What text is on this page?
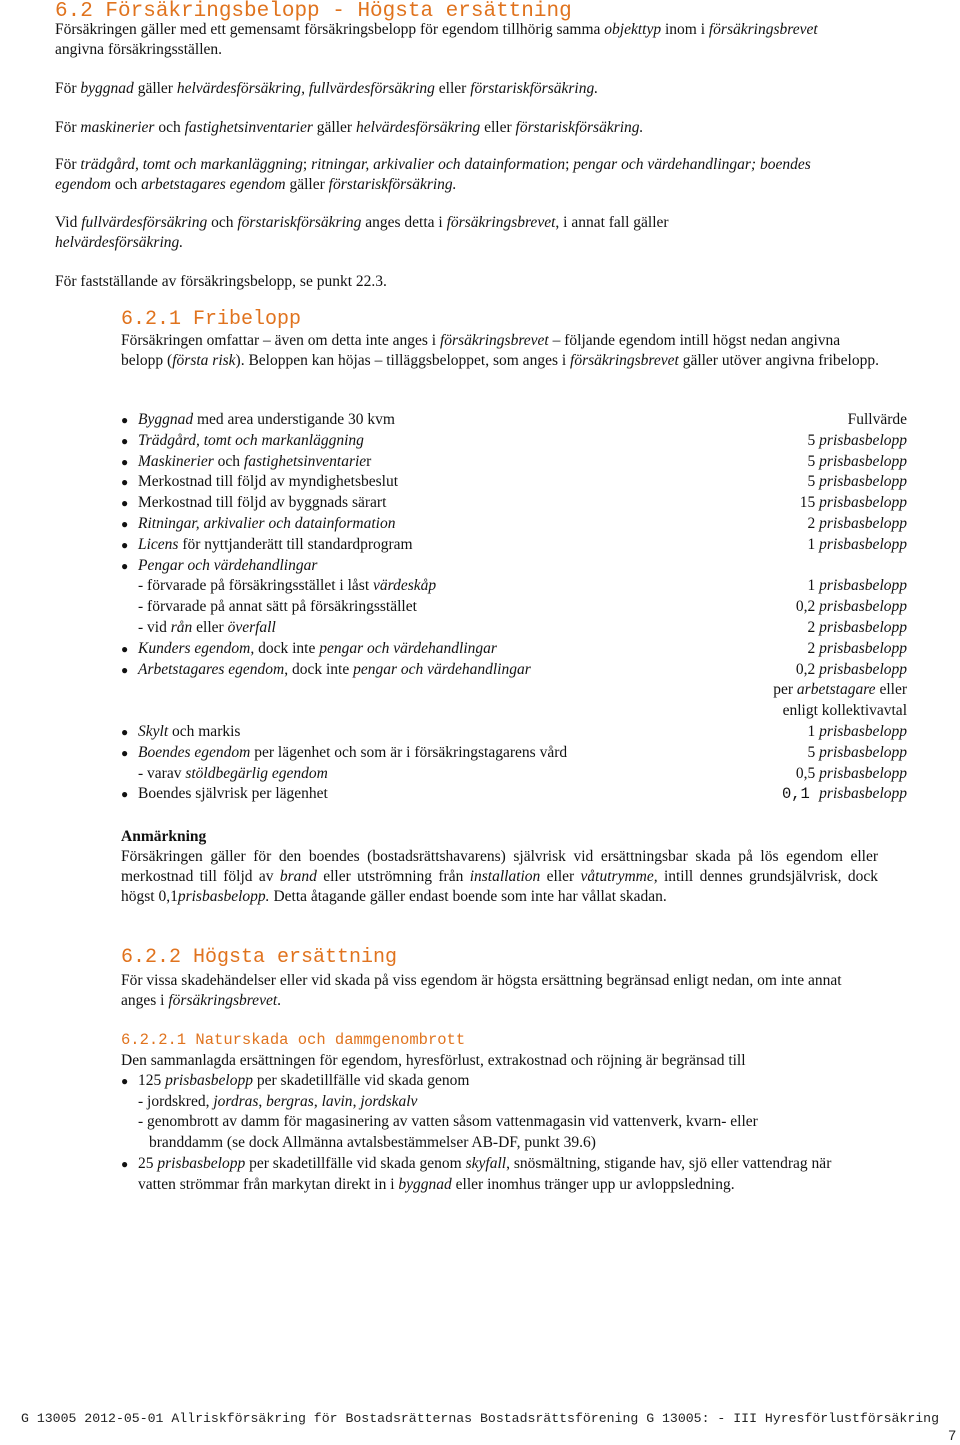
6.2 Försäkringsbelopp - Högsta ersättning

Försäkringen gäller med ett gemensamt försäkringsbelopp för egendom tillhörig samma objekttyp inom i försäkringsbrevet angivna försäkringsställen.

För byggnad gäller helvärdesförsäkring, fullvärdesförsäkring eller förstariskförsäkring.

För maskinerier och fastighetsinventarier gäller helvärdesförsäkring eller förstariskförsäkring.

För trädgård, tomt och markanläggning; ritningar, arkivalier och datainformation; pengar och värdehandlingar; boendes egendom och arbetstagares egendom gäller förstariskförsäkring.

Vid fullvärdesförsäkring och förstariskförsäkring anges detta i försäkringsbrevet, i annat fall gäller helvärdesförsäkring.

För fastställande av försäkringsbelopp, se punkt 22.3.

6.2.1 Fribelopp

Försäkringen omfattar – även om detta inte anges i försäkringsbrevet – följande egendom intill högst nedan angivna belopp (första risk). Beloppen kan höjas – tilläggsbeloppet, som anges i försäkringsbrevet gäller utöver angivna fribelopp.

● Byggnad med area understigande 30 kvm	Fullvärde
● Trädgård, tomt och markanläggning	5 prisbasbelopp
● Maskinerier och fastighetsinventarier	5 prisbasbelopp
● Merkostnad till följd av myndighetsbeslut	5 prisbasbelopp
● Merkostnad till följd av byggnads särart	15 prisbasbelopp
● Ritningar, arkivalier och datainformation	2 prisbasbelopp
● Licens för nyttjanderätt till standardprogram	1 prisbasbelopp
● Pengar och värdehandlingar
- förvarade på försäkringsstället i låst värdeskåp	1 prisbasbelopp
- förvarade på annat sätt på försäkringsstället	0,2 prisbasbelopp
- vid rån eller överfall	2 prisbasbelopp
● Kunders egendom, dock inte pengar och värdehandlingar	2 prisbasbelopp
● Arbetstagares egendom, dock inte pengar och värdehandlingar	0,2 prisbasbelopp
per arbetstagare eller
enligt kollektivavtal
● Skylt och markis	1 prisbasbelopp
● Boendes egendom per lägenhet och som är i försäkringstagarens vård	5 prisbasbelopp
- varav stöldbegärlig egendom	0,5 prisbasbelopp
● Boendes självrisk per lägenhet	0,1 prisbasbelopp

Anmärkning

Försäkringen gäller för den boendes (bostadsrättshavarens) självrisk vid ersättningsbar skada på lös egendom eller merkostnad till följd av brand eller utströmning från installation eller våtutrymme, intill dennes grundsjälvrisk, dock högst 0,1prisbasbelopp. Detta åtagande gäller endast boende som inte har vållat skadan.

6.2.2 Högsta ersättning

För vissa skadehändelser eller vid skada på viss egendom är högsta ersättning begränsad enligt nedan, om inte annat anges i försäkringsbrevet.

6.2.2.1 Naturskada och dammgenombrott

Den sammanlagda ersättningen för egendom, hyresförlust, extrakostnad och röjning är begränsad till

● 125 prisbasbelopp per skadetillfälle vid skada genom
- jordskred, jordras, bergras, lavin, jordskalv
- genombrott av damm för magasinering av vatten såsom vattenmagasin vid vattenverk, kvarn- eller
branddamm (se dock Allmänna avtalsbestämmelser AB-DF, punkt 39.6)
● 25 prisbasbelopp per skadetillfälle vid skada genom skyfall, snösmältning, stigande hav, sjö eller vattendrag när vatten strömmar från markytan direkt in i byggnad eller inomhus tränger upp ur avloppsledning.
G 13005 2012-05-01 Allriskförsäkring för Bostadsrätternas Bostadsrättsförening G 13005: - III Hyresförlustförsäkring
7
